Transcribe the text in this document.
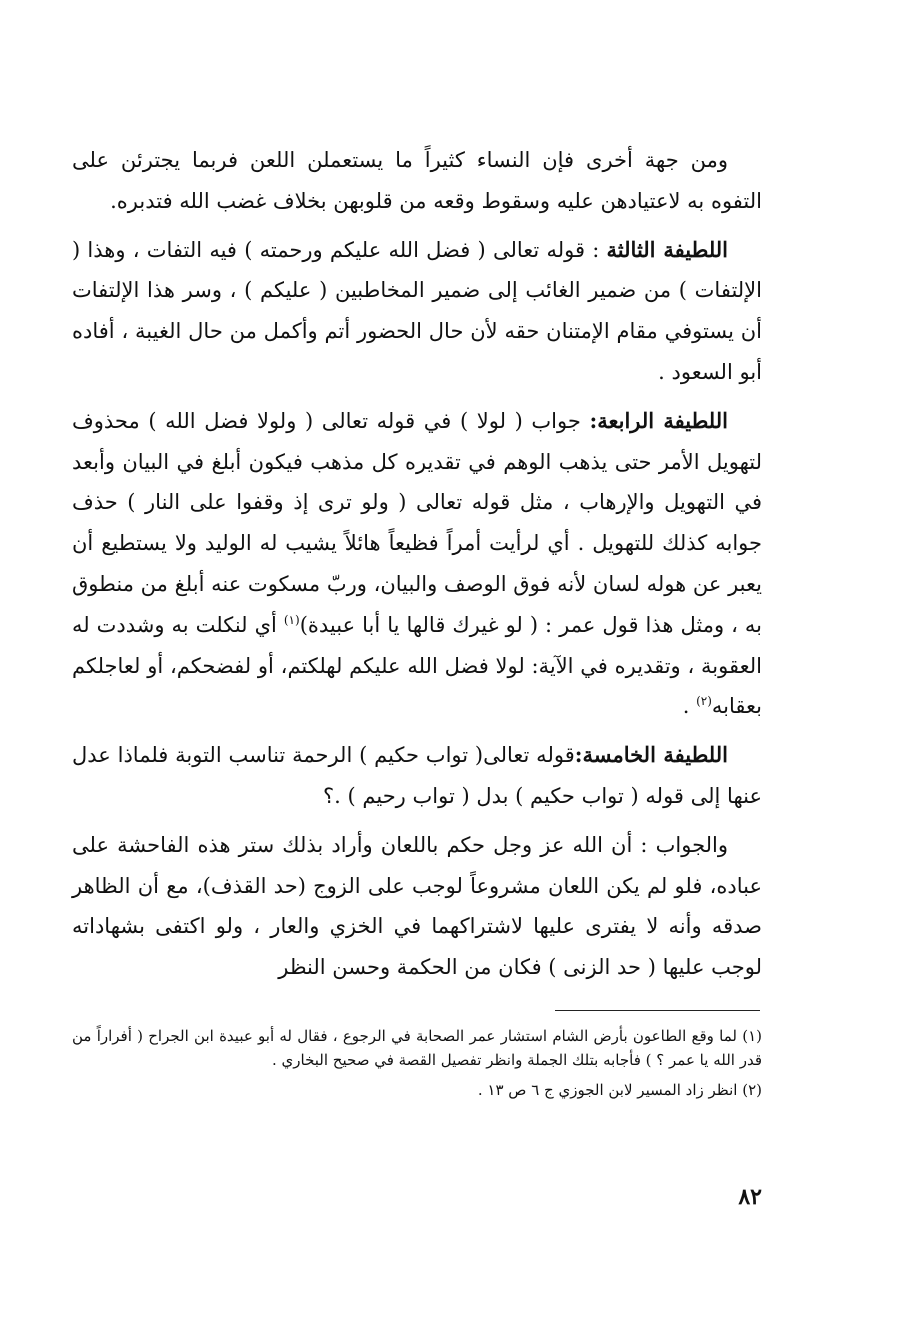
ومن جهة أخرى فإن النساء كثيراً ما يستعملن اللعن فربما يجترئن على التفوه به لاعتيادهن عليه وسقوط وقعه من قلوبهن بخلاف غضب الله فتدبره.

اللطيفة الثالثة : قوله تعالى ( فضل الله عليكم ورحمته ) فيه التفات ، وهذا ( الإلتفات ) من ضمير الغائب إلى ضمير المخاطبين ( عليكم ) ، وسر هذا الإلتفات أن يستوفي مقام الإمتنان حقه لأن حال الحضور أتم وأكمل من حال الغيبة ، أفاده أبو السعود .

اللطيفة الرابعة: جواب ( لولا ) في قوله تعالى ( ولولا فضل الله ) محذوف لتهويل الأمر حتى يذهب الوهم في تقديره كل مذهب فيكون أبلغ في البيان وأبعد في التهويل والإرهاب ، مثل قوله تعالى ( ولو ترى إذ وقفوا على النار ) حذف جوابه كذلك للتهويل . أي لرأيت أمراً فظيعاً هائلاً يشيب له الوليد ولا يستطيع أن يعبر عن هوله لسان لأنه فوق الوصف والبيان، وربّ مسكوت عنه أبلغ من منطوق به ، ومثل هذا قول عمر : ( لو غيرك قالها يا أبا عبيدة)$^{(١)}$ أي لنكلت به وشددت له العقوبة ، وتقديره في الآية: لولا فضل الله عليكم لهلكتم، أو لفضحكم، أو لعاجلكم بعقابه$^{(٢)}$ .

اللطيفة الخامسة:قوله تعالى( تواب حكيم ) الرحمة تناسب التوبة فلماذا عدل عنها إلى قوله ( تواب حكيم ) بدل ( تواب رحيم ) .؟

والجواب : أن الله عز وجل حكم باللعان وأراد بذلك ستر هذه الفاحشة على عباده، فلو لم يكن اللعان مشروعاً لوجب على الزوج (حد القذف)، مع أن الظاهر صدقه وأنه لا يفترى عليها لاشتراكهما في الخزي والعار ، ولو اكتفى بشهاداته لوجب عليها ( حد الزنى ) فكان من الحكمة وحسن النظر

(١) لما وقع الطاعون بأرض الشام استشار عمر الصحابة في الرجوع ، فقال له أبو عبيدة ابن الجراح ( أفراراً من قدر الله يا عمر ؟ ) فأجابه بتلك الجملة وانظر تفصيل القصة في صحيح البخاري .

(٢) انظر زاد المسير لابن الجوزي ج ٦ ص ١٣ .

٨٢
